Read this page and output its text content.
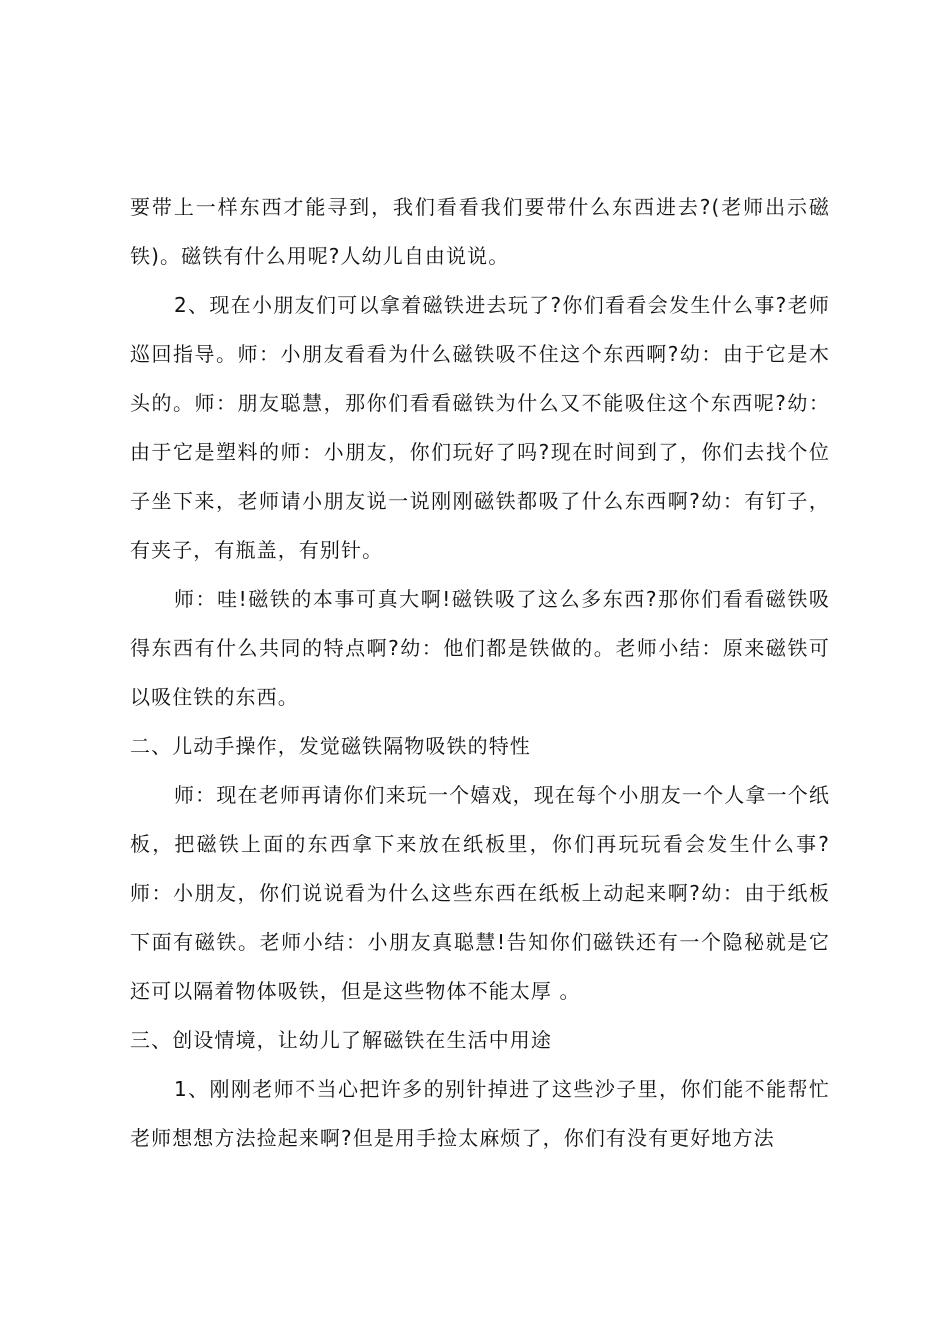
要带上一样东西才能寻到，我们看看我们要带什么东西进去?(老师出示磁铁)。磁铁有什么用呢?人幼儿自由说说。

2、现在小朋友们可以拿着磁铁进去玩了?你们看看会发生什么事?老师巡回指导。师：小朋友看看为什么磁铁吸不住这个东西啊?幼：由于它是木头的。师：朋友聪慧，那你们看看磁铁为什么又不能吸住这个东西呢?幼：由于它是塑料的师：小朋友，你们玩好了吗?现在时间到了，你们去找个位子坐下来，老师请小朋友说一说刚刚磁铁都吸了什么东西啊?幼：有钉子，有夹子，有瓶盖，有别针。

师：哇!磁铁的本事可真大啊!磁铁吸了这么多东西?那你们看看磁铁吸得东西有什么共同的特点啊?幼：他们都是铁做的。老师小结：原来磁铁可以吸住铁的东西。

二、儿动手操作，发觉磁铁隔物吸铁的特性

师：现在老师再请你们来玩一个嬉戏，现在每个小朋友一个人拿一个纸板，把磁铁上面的东西拿下来放在纸板里，你们再玩玩看会发生什么事?师：小朋友，你们说说看为什么这些东西在纸板上动起来啊?幼：由于纸板下面有磁铁。老师小结：小朋友真聪慧!告知你们磁铁还有一个隐秘就是它还可以隔着物体吸铁，但是这些物体不能太厚 。

三、创设情境，让幼儿了解磁铁在生活中用途

1、刚刚老师不当心把许多的别针掉进了这些沙子里，你们能不能帮忙老师想想方法捡起来啊?但是用手捡太麻烦了，你们有没有更好地方法
